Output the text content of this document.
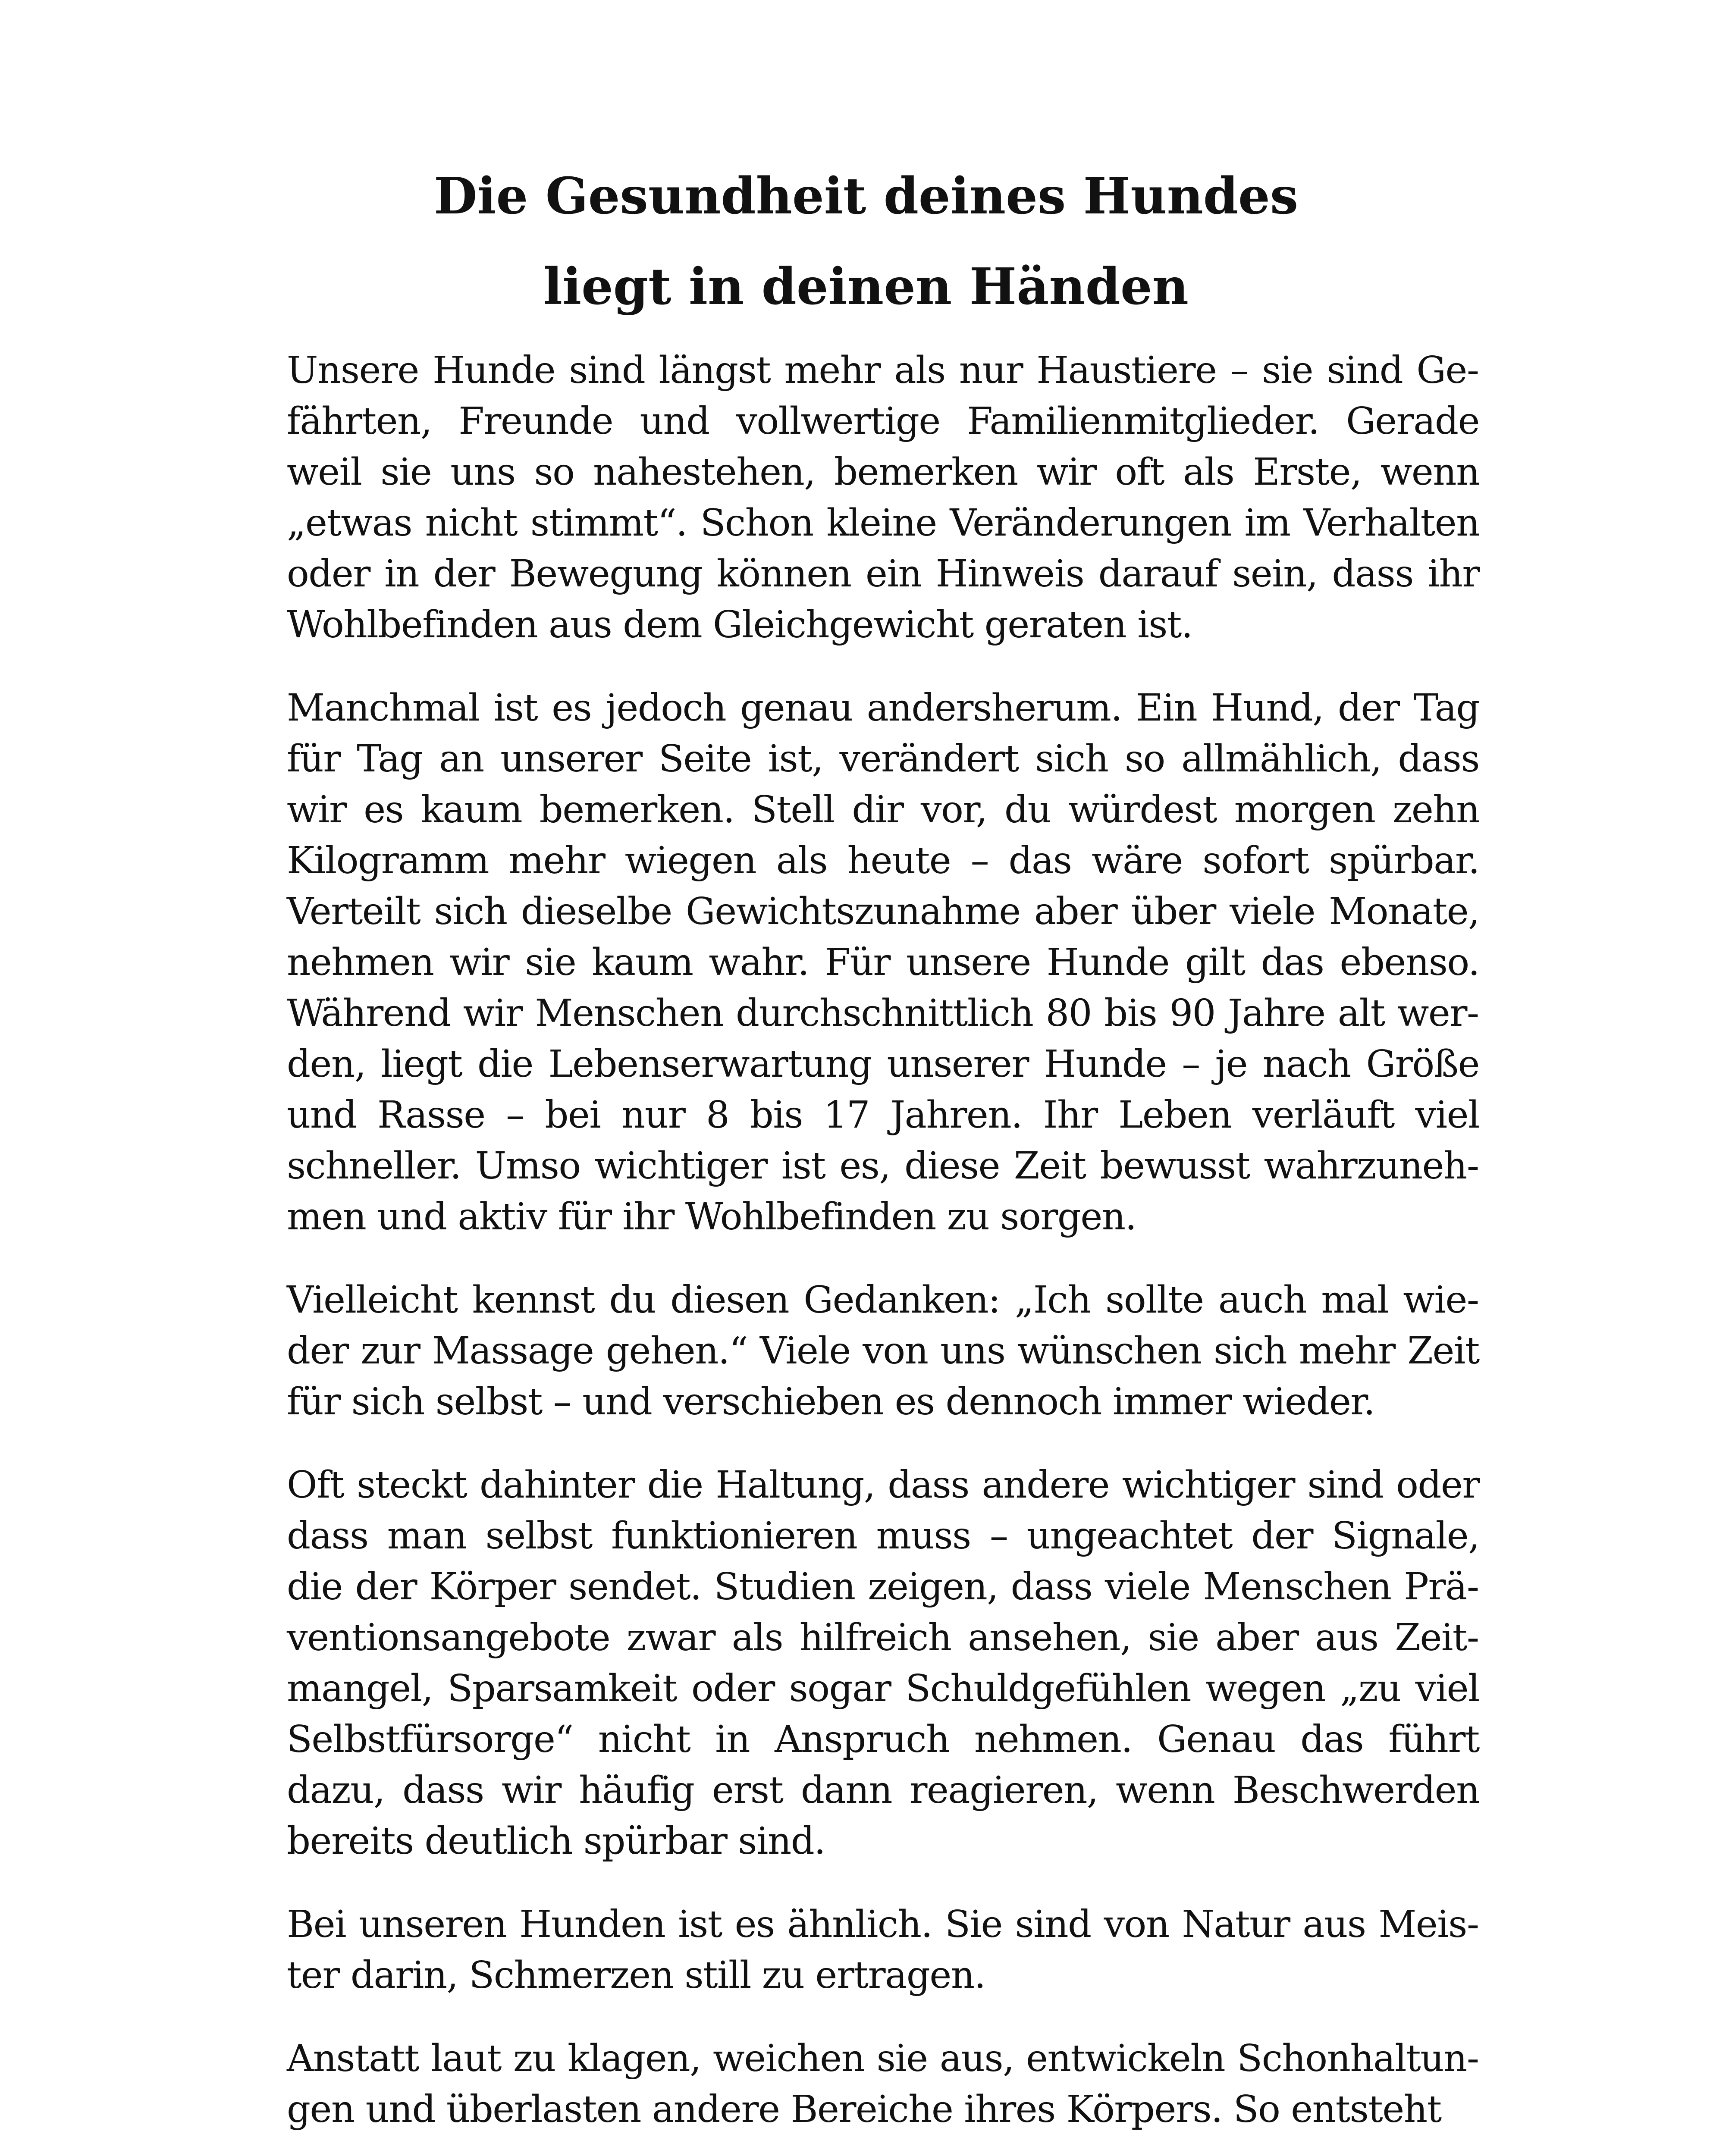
Die Gesundheit deines Hundes
liegt in deinen Händen

Unsere Hunde sind längst mehr als nur Haustiere – sie sind Gefährten, Freunde und vollwertige Familienmitglieder. Gerade weil sie uns so nahestehen, bemerken wir oft als Erste, wenn „etwas nicht stimmt“. Schon kleine Veränderungen im Verhalten oder in der Bewegung können ein Hinweis darauf sein, dass ihr Wohlbefinden aus dem Gleichgewicht geraten ist.

Manchmal ist es jedoch genau andersherum. Ein Hund, der Tag für Tag an unserer Seite ist, verändert sich so allmählich, dass wir es kaum bemerken. Stell dir vor, du würdest morgen zehn Kilogramm mehr wiegen als heute – das wäre sofort spürbar. Verteilt sich dieselbe Gewichtszunahme aber über viele Monate, nehmen wir sie kaum wahr. Für unsere Hunde gilt das ebenso. Während wir Menschen durchschnittlich 80 bis 90 Jahre alt werden, liegt die Lebenserwartung unserer Hunde – je nach Größe und Rasse – bei nur 8 bis 17 Jahren. Ihr Leben verläuft viel schneller. Umso wichtiger ist es, diese Zeit bewusst wahrzunehmen und aktiv für ihr Wohlbefinden zu sorgen.

Vielleicht kennst du diesen Gedanken: „Ich sollte auch mal wieder zur Massage gehen.“ Viele von uns wünschen sich mehr Zeit für sich selbst – und verschieben es dennoch immer wieder.

Oft steckt dahinter die Haltung, dass andere wichtiger sind oder dass man selbst funktionieren muss – ungeachtet der Signale, die der Körper sendet. Studien zeigen, dass viele Menschen Präventionsangebote zwar als hilfreich ansehen, sie aber aus Zeitmangel, Sparsamkeit oder sogar Schuldgefühlen wegen „zu viel Selbstfürsorge“ nicht in Anspruch nehmen. Genau das führt dazu, dass wir häufig erst dann reagieren, wenn Beschwerden bereits deutlich spürbar sind.

Bei unseren Hunden ist es ähnlich. Sie sind von Natur aus Meister darin, Schmerzen still zu ertragen.

Anstatt laut zu klagen, weichen sie aus, entwickeln Schonhaltungen und überlasten andere Bereiche ihres Körpers. So entsteht
